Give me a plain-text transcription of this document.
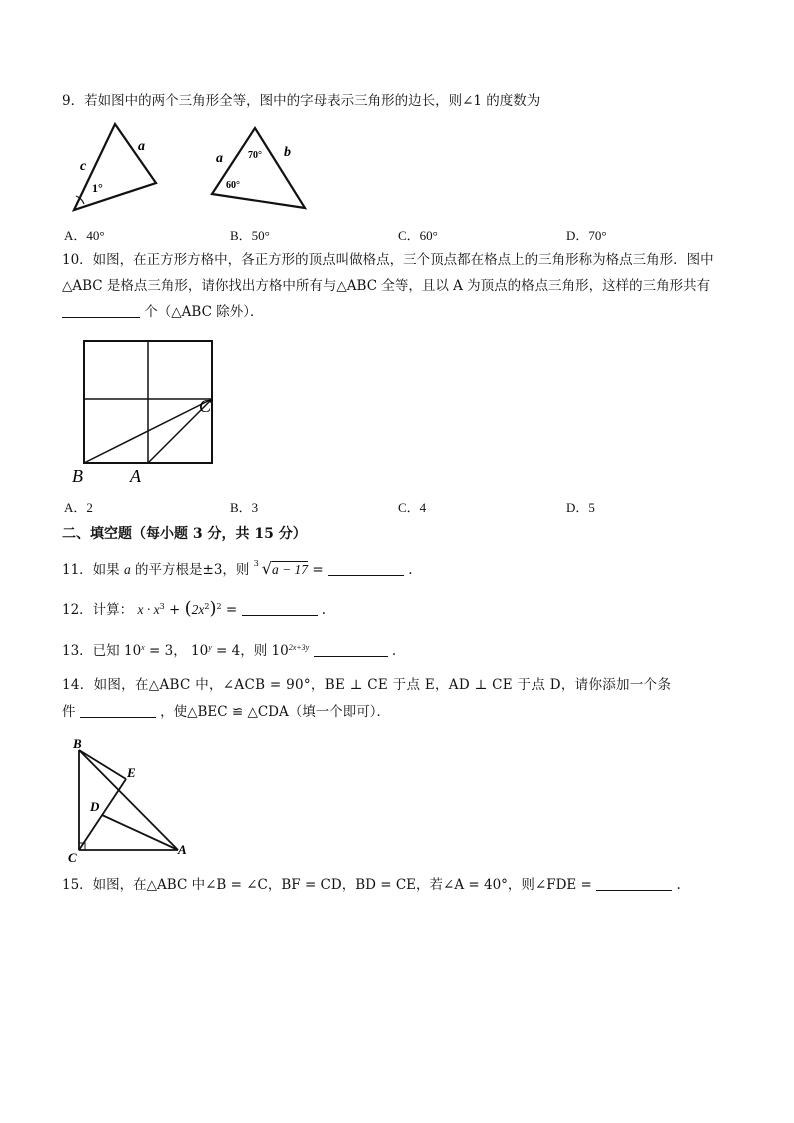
9．若如图中的两个三角形全等，图中的字母表示三角形的边长，则∠1 的度数为
c
a
1°
a	b
70°
60°
A．40°	B．50°	C．60°	D．70°
10．如图，在正方形方格中，各正方形的顶点叫做格点，三个顶点都在格点上的三角形称为格点三角形．图中
△ABC 是格点三角形，请你找出方格中所有与△ABC 全等，且以 A 为顶点的格点三角形，这样的三角形共有
个（△ABC 除外）．
B	A
C
A．2	B．3	C．4	D．5
二、填空题（每小题 3 分，共 15 分）
11．如果 a 的平方根是±3，则 3 √a − 17 =	.
12．计算： $x \cdot x^3 + (2x^2)^2$ =	.
13．已知 $10^x = 3$， $10^y = 4$，则 $10^{2x+3y}$	.
14．如图，在△ABC 中，∠ACB = 90°，BE ⊥ CE 于点 E，AD ⊥ CE 于点 D，请你添加一个条
件	，使△BEC ≌ △CDA（填一个即可）．
B
E
D
C
A
15．如图，在△ABC 中∠B = ∠C，BF = CD，BD = CE，若∠A = 40°，则∠FDE =	.
